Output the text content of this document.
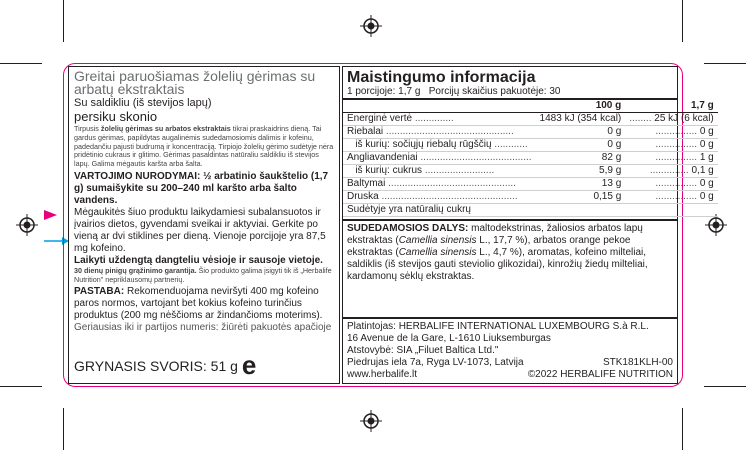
Greitai paruošiamas žolelių gėrimas su arbatų ekstraktais
Su saldikliu (iš stevijos lapų)
persiku skonio
Tirpusis žolelių gėrimas su arbatos ekstraktais tikrai praskaidrins dieną. Tai gardus gėrimas, papildytas augalinėmis sudedamosiomis dalimis ir kofeinu, padedančiu pajusti budrumą ir koncentraciją. Tirpiojo žolelių gėrimo sudėtyje nėra pridėtinio cukraus ir glitimo. Gėrimas pasaldintas natūraliu saldikliu iš stevijos lapų. Galima mėgautis karšta arba šalta.
VARTOJIMO NURODYMAI: ½ arbatinio šaukštelio (1,7 g) sumaišykite su 200–240 ml karšto arba šalto vandens.
Mėgaukitės šiuo produktu laikydamiesi subalansuotos ir įvairios dietos, gyvendami sveikai ir aktyviai. Gerkite po vieną ar dvi stiklines per dieną. Vienoje porcijoje yra 87,5 mg kofeino.
Laikyti uždengtą dangteliu vėsioje ir sausoje vietoje.
30 dienų pinigų grąžinimo garantija. Šio produkto galima įsigyti tik iš „Herbalife Nutrition" nepriklausomų partnerių.
PASTABA: Rekomenduojama neviršyti 400 mg kofeino paros normos, vartojant bet kokius kofeino turinčius produktus (200 mg nėščioms ar žindančioms moterims).
Geriausias iki ir partijos numeris: žiūrėti pakuotės apačioje
GRYNASIS SVORIS: 51 g e
Maistingumo informacija
1 porcijoje: 1,7 g Porcijų skaičius pakuotėje: 30
	100 g	1,7 g
Energinė vertė ..............	1483 kJ (354 kcal)	........ 25 kJ (6 kcal)
Riebalai ..............................................	0 g	............... 0 g
iš kurių: sočiųjų riebalų rūgščių ............	0 g	............... 0 g
Angliavandeniai ........................................	82 g	............... 1 g
iš kurių: cukrus .........................	5,9 g	.............. 0,1 g
Baltymai ..............................................	13 g	............... 0 g
Druska .................................................	0,15 g	............... 0 g
Sudėtyje yra natūralių cukrų		
SUDEDAMOSIOS DALYS: maltodekstrinas, žaliosios arbatos lapų ekstraktas (Camellia sinensis L., 17,7 %), arbatos orange pekoe ekstraktas (Camellia sinensis L., 4,7 %), aromatas, kofeino milteliai, saldiklis (iš stevijos gauti steviolio glikozidai), kinrožių žiedų milteliai, kardamonų sėklų ekstraktas.
Platintojas: HERBALIFE INTERNATIONAL LUXEMBOURG S.à R.L.
16 Avenue de la Gare, L-1610 Liuksemburgas
Atstovybė: SIA „Filuet Baltica Ltd."
Piedrujas iela 7a, Ryga LV-1073, Latvija	STK181KLH-00
www.herbalife.lt	©2022 HERBALIFE NUTRITION
